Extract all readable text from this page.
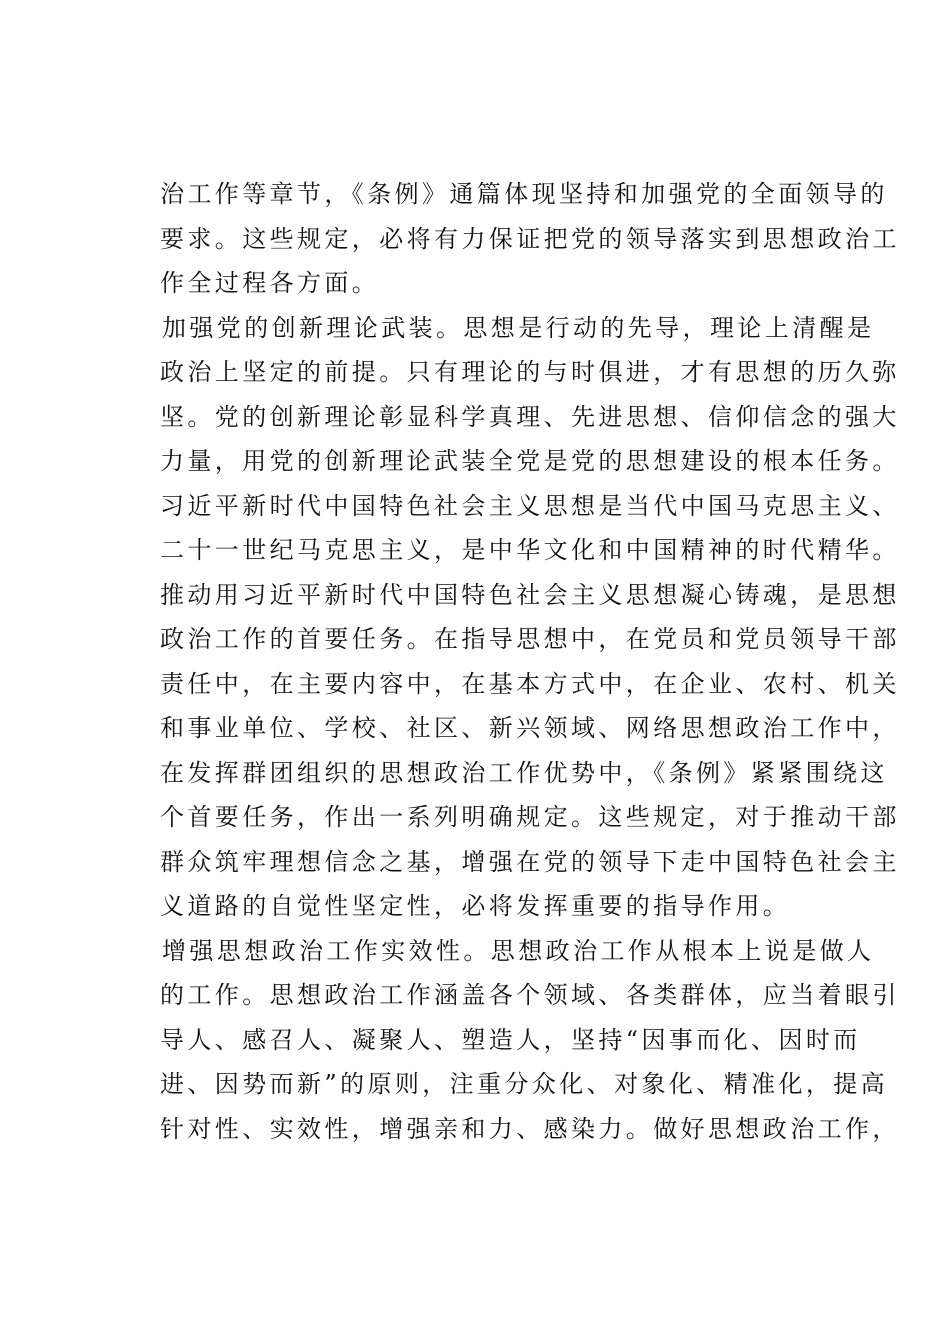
治工作等章节，《条例》通篇体现坚持和加强党的全面领导的
要求。这些规定，必将有力保证把党的领导落实到思想政治工
作全过程各方面。
加强党的创新理论武装。思想是行动的先导，理论上清醒是
政治上坚定的前提。只有理论的与时俱进，才有思想的历久弥
坚。党的创新理论彰显科学真理、先进思想、信仰信念的强大
力量，用党的创新理论武装全党是党的思想建设的根本任务。
习近平新时代中国特色社会主义思想是当代中国马克思主义、
二十一世纪马克思主义，是中华文化和中国精神的时代精华。
推动用习近平新时代中国特色社会主义思想凝心铸魂，是思想
政治工作的首要任务。在指导思想中，在党员和党员领导干部
责任中，在主要内容中，在基本方式中，在企业、农村、机关
和事业单位、学校、社区、新兴领域、网络思想政治工作中，
在发挥群团组织的思想政治工作优势中，《条例》紧紧围绕这
个首要任务，作出一系列明确规定。这些规定，对于推动干部
群众筑牢理想信念之基，增强在党的领导下走中国特色社会主
义道路的自觉性坚定性，必将发挥重要的指导作用。
增强思想政治工作实效性。思想政治工作从根本上说是做人
的工作。思想政治工作涵盖各个领域、各类群体，应当着眼引
导人、感召人、凝聚人、塑造人，坚持“因事而化、因时而
进、因势而新”的原则，注重分众化、对象化、精准化，提高
针对性、实效性，增强亲和力、感染力。做好思想政治工作，
